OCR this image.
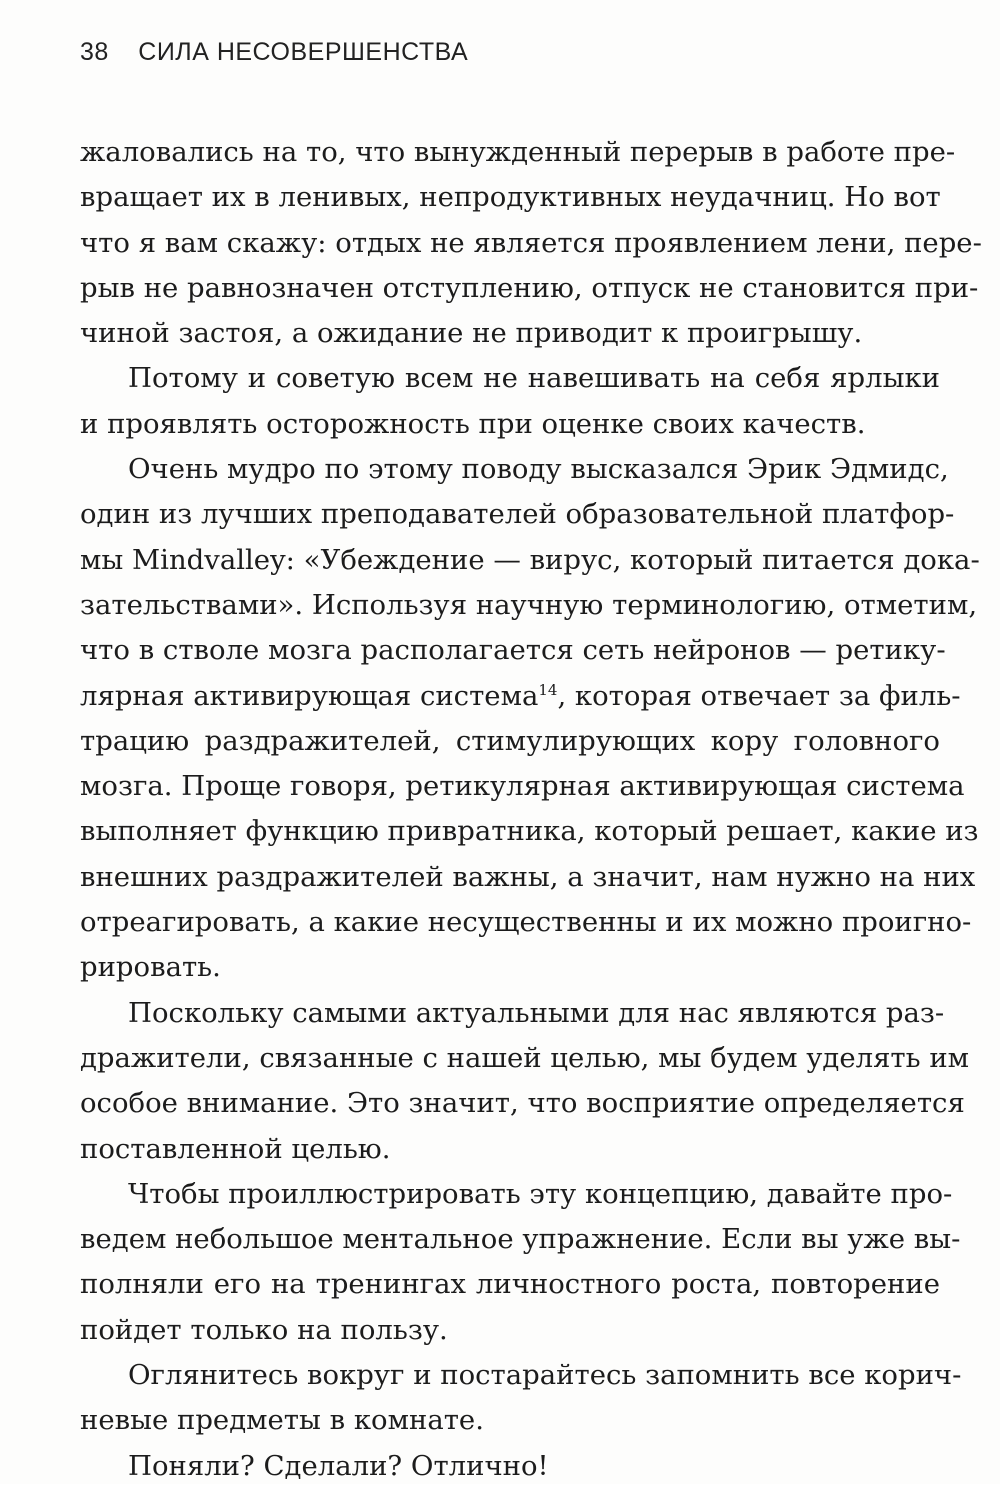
38 СИЛА НЕСОВЕРШЕНСТВА

жаловались на то, что вынужденный перерыв в работе пре-
вращает их в ленивых, непродуктивных неудачниц. Но вот
что я вам скажу: отдых не является проявлением лени, пере-
рыв не равнозначен отступлению, отпуск не становится при-
чиной застоя, а ожидание не приводит к проигрышу.

Потому и советую всем не навешивать на себя ярлыки
и проявлять осторожность при оценке своих качеств.

Очень мудро по этому поводу высказался Эрик Эдмидс,
один из лучших преподавателей образовательной платфор-
мы Mindvalley: «Убеждение — вирус, который питается дока-
зательствами». Используя научную терминологию, отметим,
что в стволе мозга располагается сеть нейронов — ретику-
лярная активирующая система$^{14}$, которая отвечает за филь-
трацию раздражителей, стимулирующих кору головного
мозга. Проще говоря, ретикулярная активирующая система
выполняет функцию привратника, который решает, какие из
внешних раздражителей важны, а значит, нам нужно на них
отреагировать, а какие несущественны и их можно проигно-
рировать.

Поскольку самыми актуальными для нас являются раз-
дражители, связанные с нашей целью, мы будем уделять им
особое внимание. Это значит, что восприятие определяется
поставленной целью.

Чтобы проиллюстрировать эту концепцию, давайте про-
ведем небольшое ментальное упражнение. Если вы уже вы-
полняли его на тренингах личностного роста, повторение
пойдет только на пользу.

Оглянитесь вокруг и постарайтесь запомнить все корич-
невые предметы в комнате.

Поняли? Сделали? Отлично!
